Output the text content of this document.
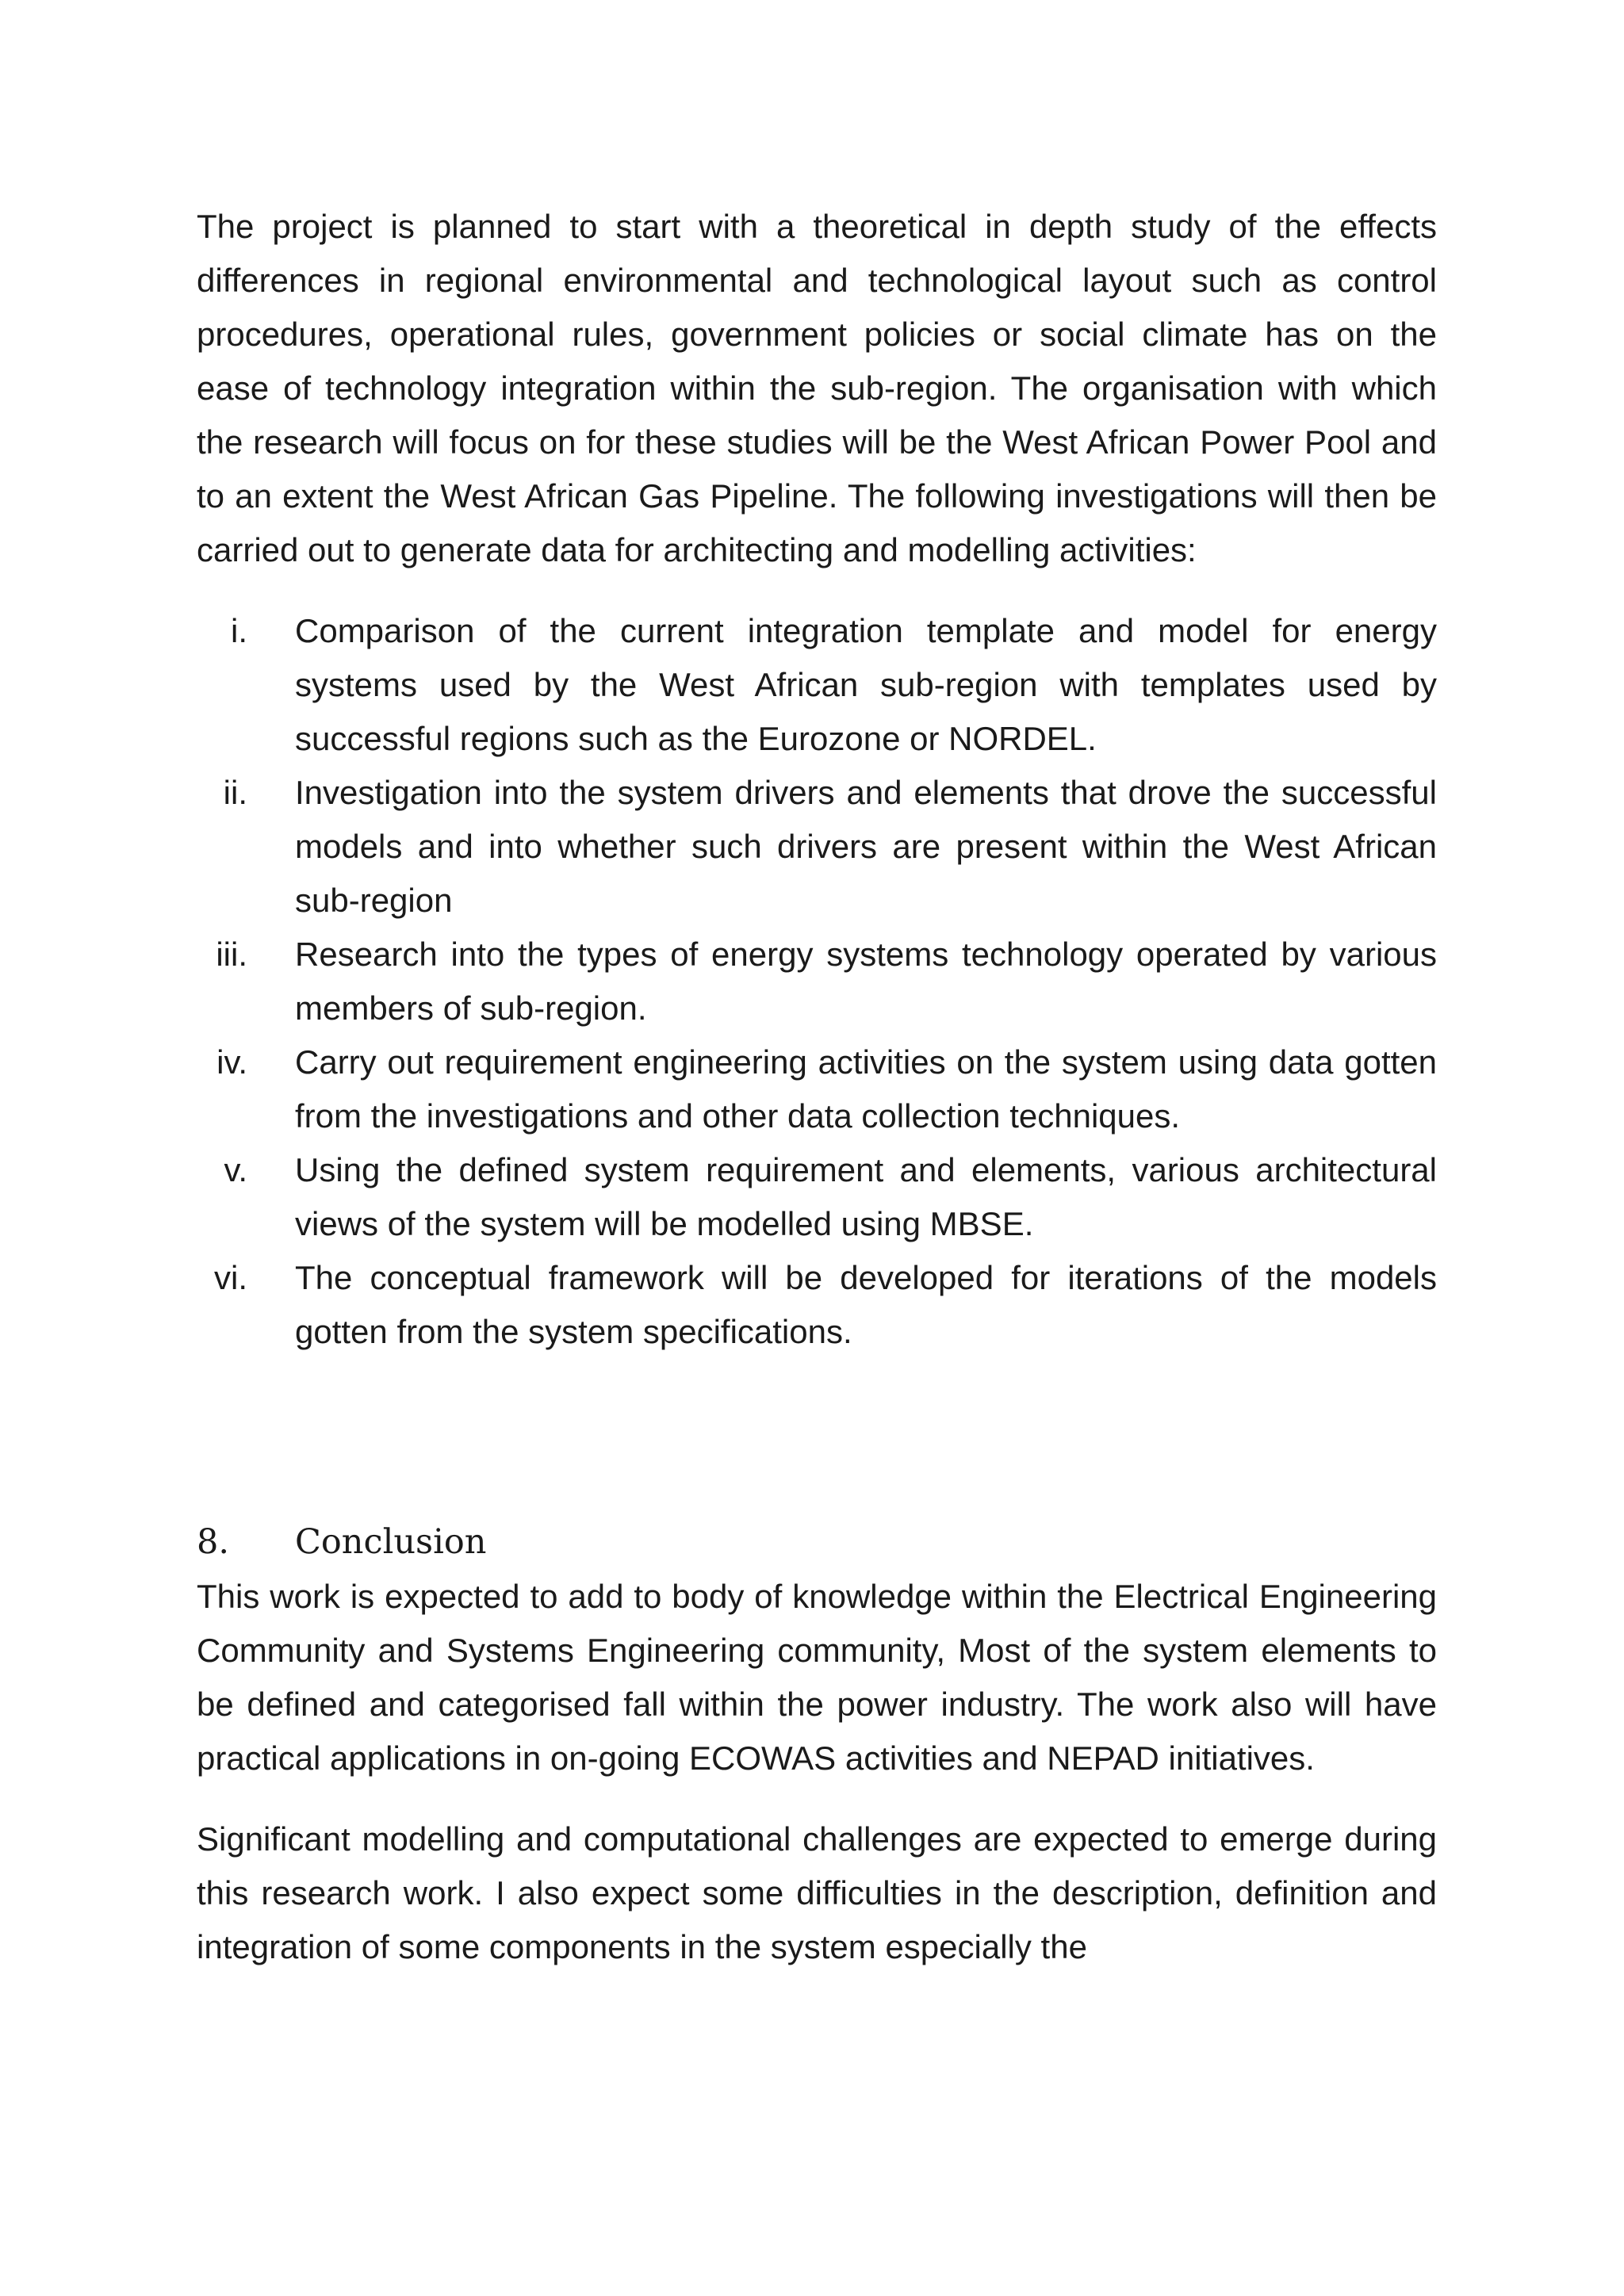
The project is planned to start with a theoretical in depth study of the effects differences in regional environmental and technological layout such as control procedures, operational rules, government policies or social climate has on the ease of technology integration within the sub-region. The organisation with which the research will focus on for these studies will be the West African Power Pool and to an extent the West African Gas Pipeline. The following investigations will then be carried out to generate data for architecting and modelling activities:

i. Comparison of the current integration template and model for energy systems used by the West African sub-region with templates used by successful regions such as the Eurozone or NORDEL.
ii. Investigation into the system drivers and elements that drove the successful models and into whether such drivers are present within the West African sub-region
iii. Research into the types of energy systems technology operated by various members of sub-region.
iv. Carry out requirement engineering activities on the system using data gotten from the investigations and other data collection techniques.
v. Using the defined system requirement and elements, various architectural views of the system will be modelled using MBSE.
vi. The conceptual framework will be developed for iterations of the models gotten from the system specifications.
8. Conclusion

This work is expected to add to body of knowledge within the Electrical Engineering Community and Systems Engineering community, Most of the system elements to be defined and categorised fall within the power industry. The work also will have practical applications in on-going ECOWAS activities and NEPAD initiatives.

Significant modelling and computational challenges are expected to emerge during this research work. I also expect some difficulties in the description, definition and integration of some components in the system especially the
